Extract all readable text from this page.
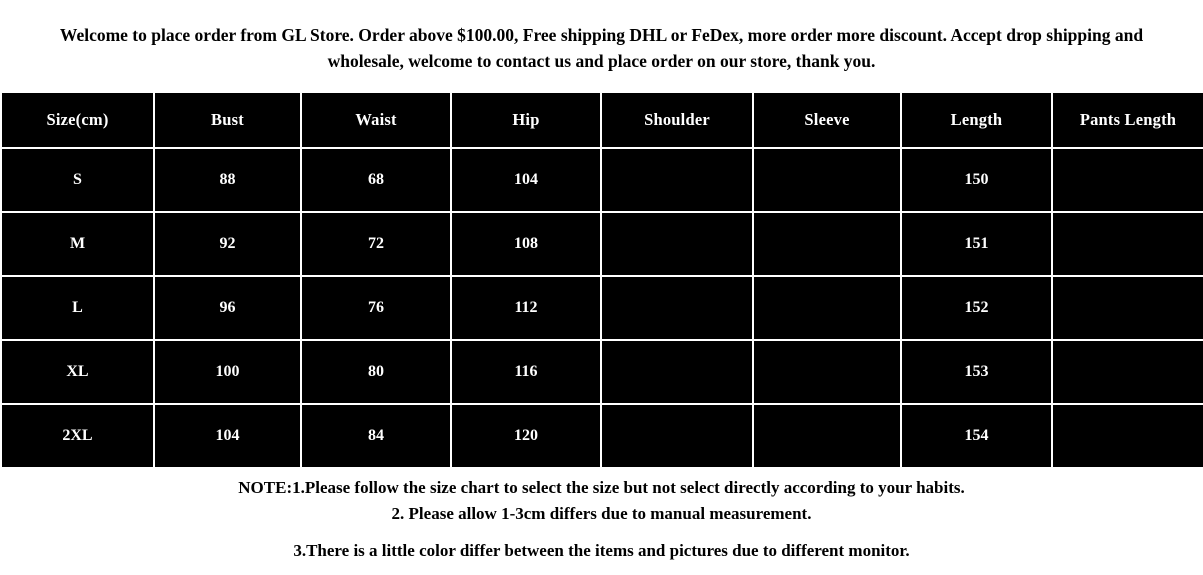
Welcome to place order from GL Store. Order above $100.00, Free shipping DHL or FeDex, more order more discount. Accept drop shipping and wholesale, welcome to contact us and place order on our store, thank you.

Size(cm)	Bust	Waist	Hip	Shoulder	Sleeve	Length	Pants Length
S	88	68	104			150	
M	92	72	108			151	
L	96	76	112			152	
XL	100	80	116			153	
2XL	104	84	120			154	

NOTE:1.Please follow the size chart to select the size but not select directly according to your habits.

2. Please allow 1-3cm differs due to manual measurement.

3.There is a little color differ between the items and pictures due to different monitor.
